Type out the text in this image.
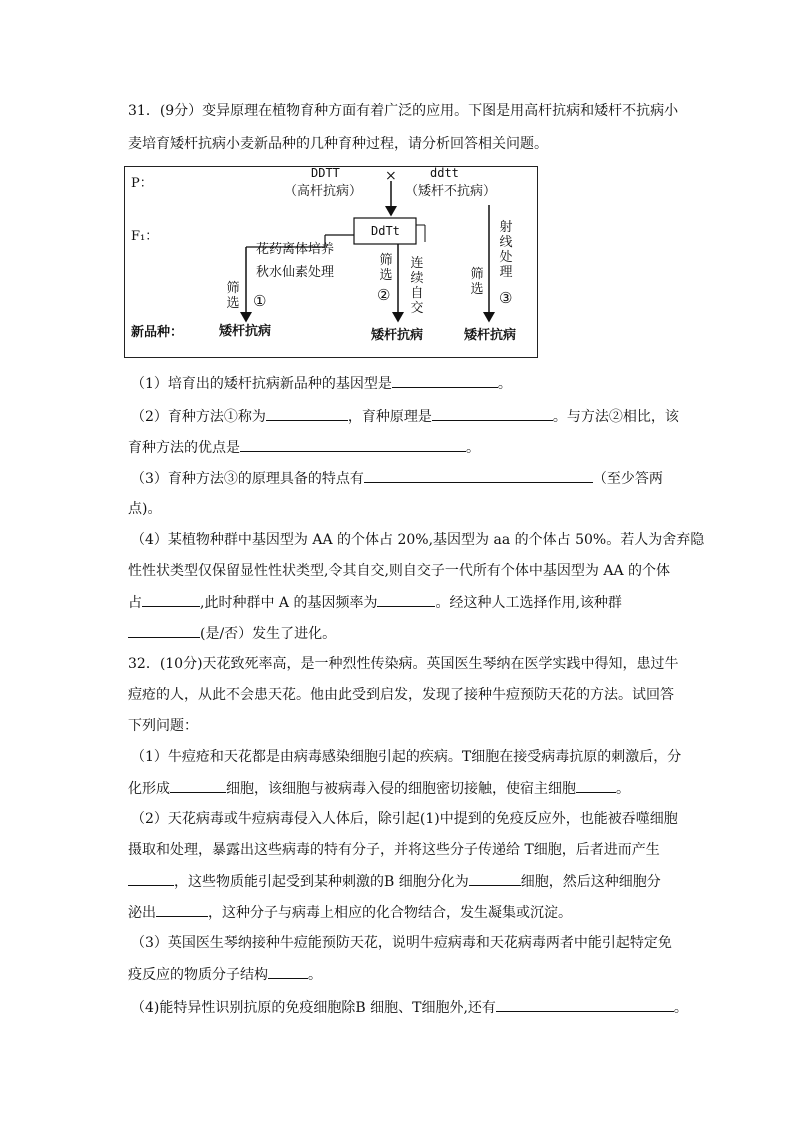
31．(9分）变异原理在植物育种方面有着广泛的应用。下图是用高杆抗病和矮杆不抗病小
麦培育矮杆抗病小麦新品种的几种育种过程，请分析回答相关问题。
P：
F₁：
新品种：
DDTT
（高杆抗病）
×	ddtt
（矮杆不抗病）
DdTt
花药离体培养
秋水仙素处理
筛选 ①
筛选
②
连续自交
射线处理
筛选 ③
矮杆抗病	矮杆抗病	矮杆抗病
（1）培育出的矮杆抗病新品种的基因型是	。
（2）育种方法①称为	，育种原理是	。与方法②相比，该
育种方法的优点是	。
（3）育种方法③的原理具备的特点有	（至少答两
点)。
（4）某植物种群中基因型为 AA 的个体占 20%,基因型为 aa 的个体占 50%。若人为舍弃隐
性性状类型仅保留显性性状类型,令其自交,则自交子一代所有个体中基因型为 AA 的个体
占	,此时种群中 A 的基因频率为	。经这种人工选择作用,该种群
(是/否）发生了进化。
32．(10分)天花致死率高，是一种烈性传染病。英国医生琴纳在医学实践中得知，患过牛
痘疮的人，从此不会患天花。他由此受到启发，发现了接种牛痘预防天花的方法。试回答
下列问题：
（1）牛痘疮和天花都是由病毒感染细胞引起的疾病。T细胞在接受病毒抗原的刺激后，分
化形成	细胞，该细胞与被病毒入侵的细胞密切接触，使宿主细胞	。
（2）天花病毒或牛痘病毒侵入人体后，除引起(1)中提到的免疫反应外，也能被吞噬细胞
摄取和处理，暴露出这些病毒的特有分子，并将这些分子传递给 T细胞，后者进而产生
，这些物质能引起受到某种刺激的B 细胞分化为	细胞，然后这种细胞分
泌出	，这种分子与病毒上相应的化合物结合，发生凝集或沉淀。
（3）英国医生琴纳接种牛痘能预防天花，说明牛痘病毒和天花病毒两者中能引起特定免
疫反应的物质分子结构	。
（4)能特异性识别抗原的免疫细胞除B 细胞、T细胞外,还有	。
